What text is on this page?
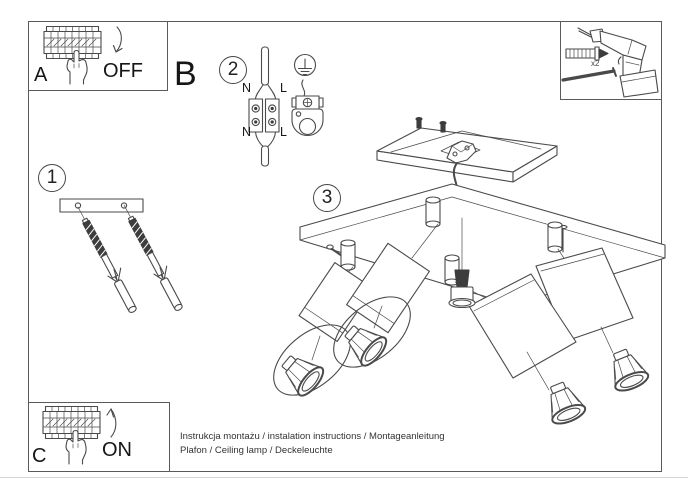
A	OFF B
1
2
3
N L
N L
x2
C	ON
Instrukcja montażu / instalation instructions / Montageanleitung
Plafon / Ceiling lamp / Deckeleuchte
